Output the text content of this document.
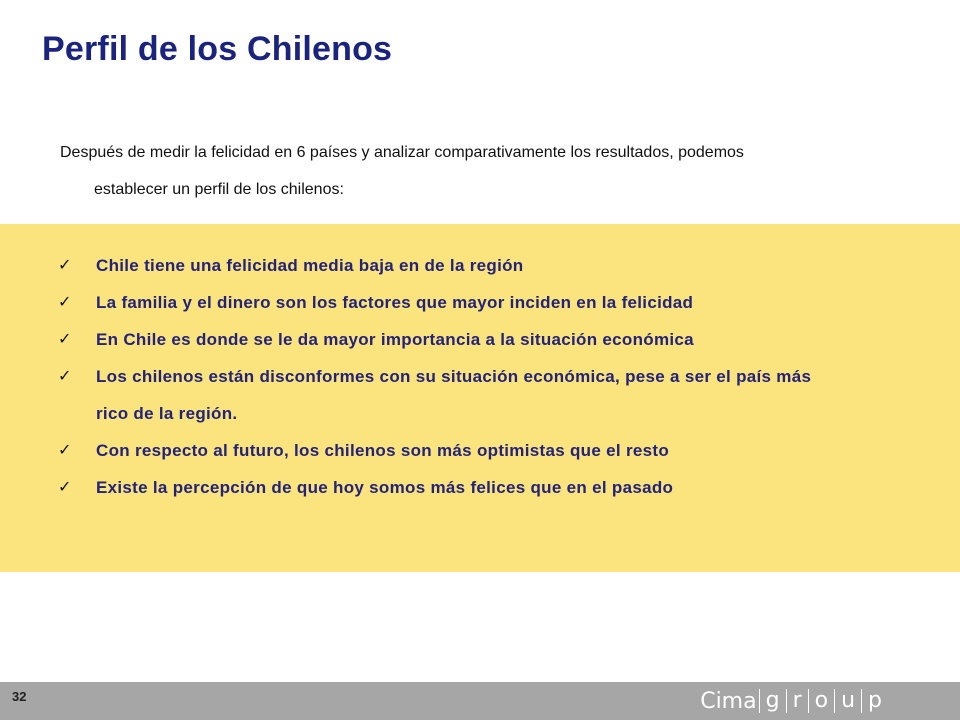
Perfil de los Chilenos
Después de medir la felicidad en 6 países y analizar comparativamente los resultados, podemos
establecer un perfil de los chilenos:
✓ Chile tiene una felicidad media baja en de la región
✓ La familia y el dinero son los factores que mayor inciden en la felicidad
✓ En Chile es donde se le da mayor importancia a la situación económica
✓ Los chilenos están disconformes con su situación económica, pese a ser el país más rico de la región.
✓ Con respecto al futuro, los chilenos son más optimistas que el resto
✓ Existe la percepción de que hoy somos más felices que en el pasado
32	Cima g r o u p
